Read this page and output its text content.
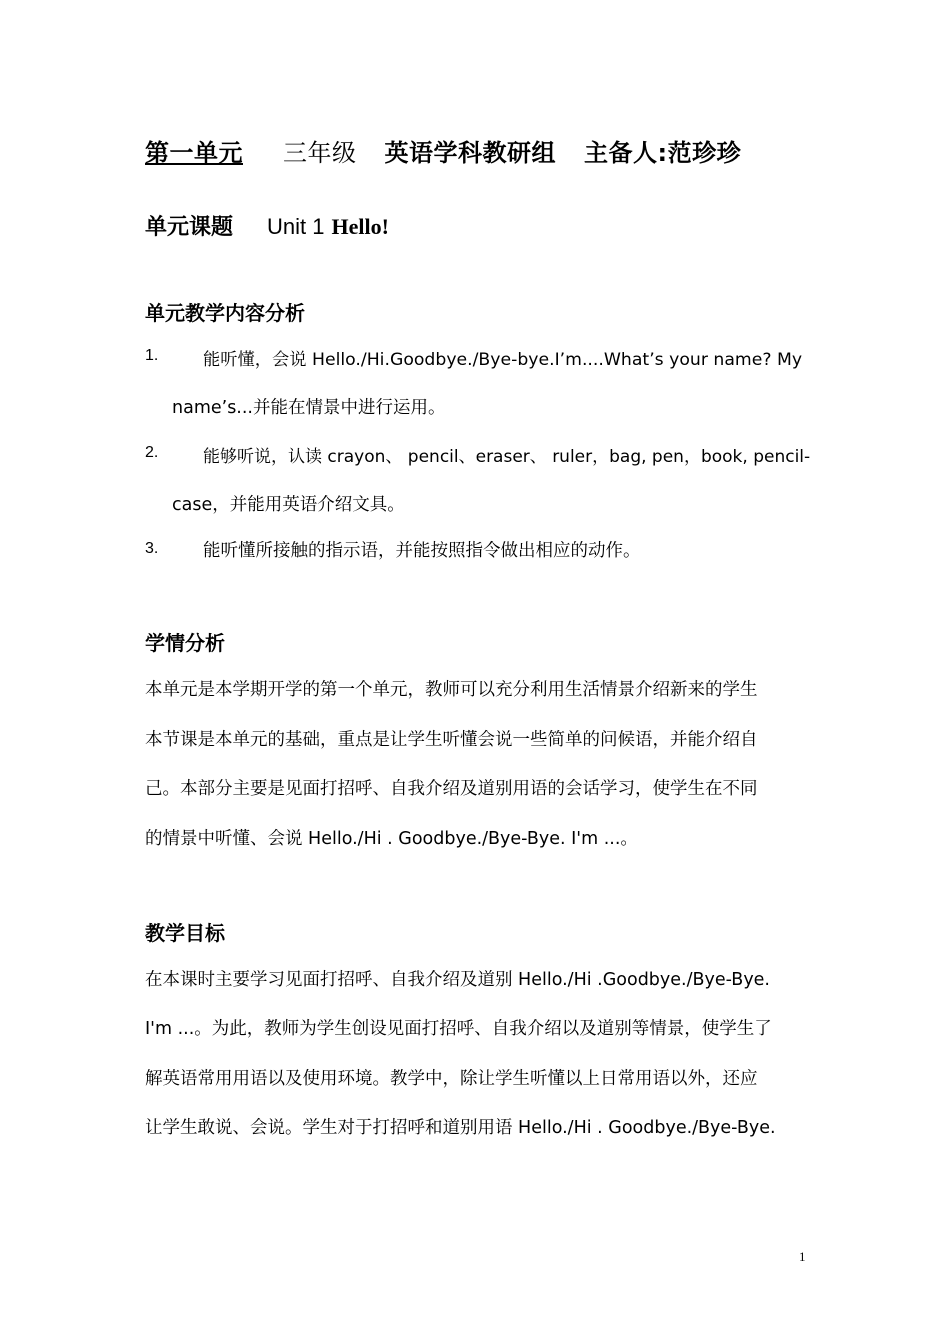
第一单元 三年级 英语学科教研组 主备人:范珍珍
单元课题 Unit 1 Hello!
单元教学内容分析
1.	能听懂，会说 Hello./Hi.Goodbye./Bye-bye.I’m....What’s your name? My
name’s...并能在情景中进行运用。
2.	能够听说，认读 crayon、 pencil、eraser、 ruler，bag, pen，book, pencil-
case，并能用英语介绍文具。
3.	能听懂所接触的指示语，并能按照指令做出相应的动作。
学情分析
本单元是本学期开学的第一个单元，教师可以充分利用生活情景介绍新来的学生
本节课是本单元的基础，重点是让学生听懂会说一些简单的问候语，并能介绍自
己。本部分主要是见面打招呼、自我介绍及道别用语的会话学习，使学生在不同
的情景中听懂、会说 Hello./Hi . Goodbye./Bye-Bye. I'm ...。
教学目标
在本课时主要学习见面打招呼、自我介绍及道别 Hello./Hi .Goodbye./Bye-Bye.
I'm ...。为此，教师为学生创设见面打招呼、自我介绍以及道别等情景，使学生了
解英语常用用语以及使用环境。教学中，除让学生听懂以上日常用语以外，还应
让学生敢说、会说。学生对于打招呼和道别用语 Hello./Hi . Goodbye./Bye-Bye.
1
